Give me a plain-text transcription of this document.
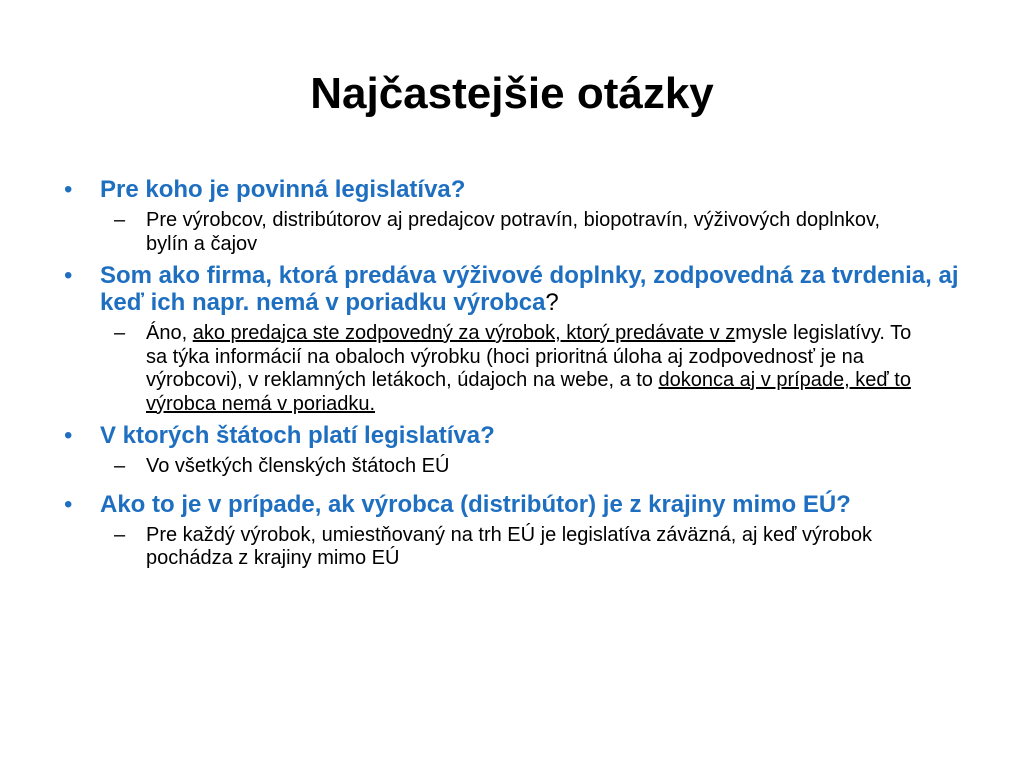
Najčastejšie otázky
• Pre koho je povinná legislatíva?
– Pre výrobcov, distribútorov aj predajcov potravín, biopotravín, výživových doplnkov, bylín a čajov
• Som ako firma, ktorá predáva výživové doplnky, zodpovedná za tvrdenia, aj keď ich napr. nemá v poriadku výrobca?
– Áno, ako predajca ste zodpovedný za výrobok, ktorý predávate v zmysle legislatívy. To sa týka informácií na obaloch výrobku (hoci prioritná úloha aj zodpovednosť je na výrobcovi), v reklamných letákoch, údajoch na webe, a to dokonca aj v prípade, keď to výrobca nemá v poriadku.
• V ktorých štátoch platí legislatíva?
– Vo všetkých členských štátoch EÚ
• Ako to je v prípade, ak výrobca (distribútor) je z krajiny mimo EÚ?
– Pre každý výrobok, umiestňovaný na trh EÚ je legislatíva záväzná, aj keď výrobok pochádza z krajiny mimo EÚ
